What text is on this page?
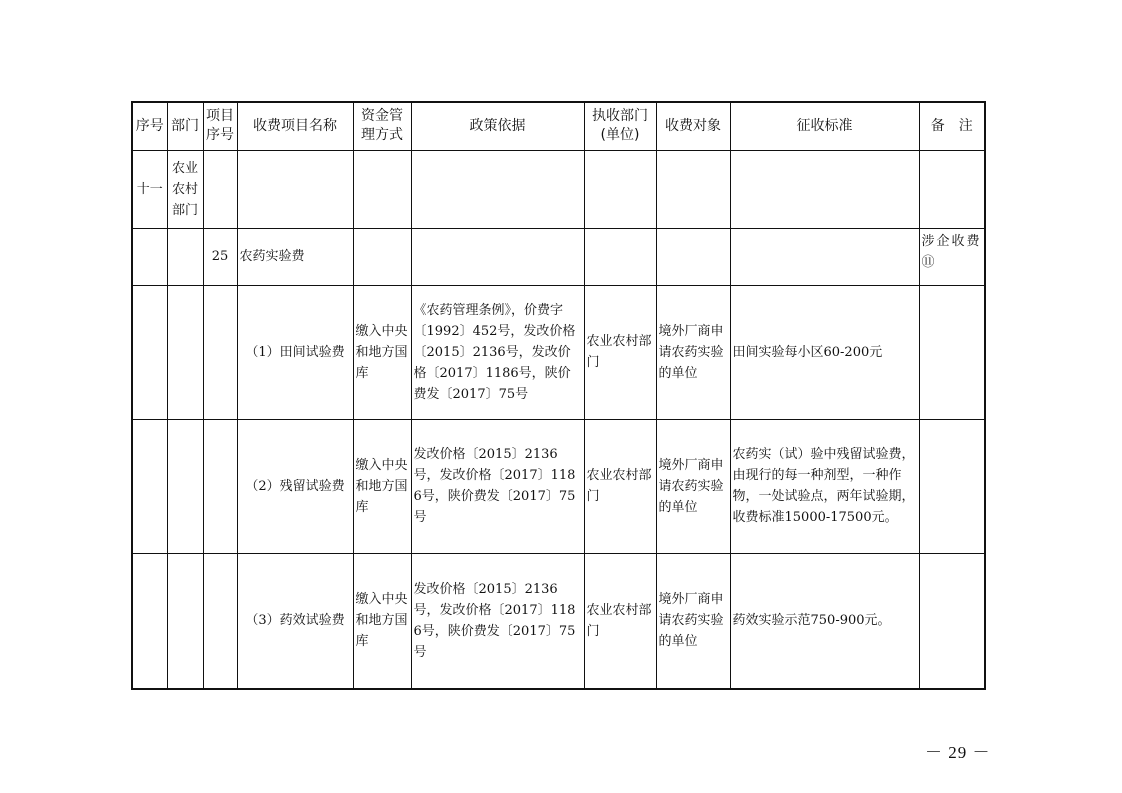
序号	部门	项目序号	收费项目名称	资金管理方式	政策依据	执收部门(单位)	收费对象	征收标准	备　注
十一	农业农村部门								
		25	农药实验费						涉企收费⑪
			（1）田间试验费	缴入中央和地方国库	《农药管理条例》，价费字〔1992〕452号，发改价格〔2015〕2136号，发改价格〔2017〕1186号，陕价费发〔2017〕75号	农业农村部门	境外厂商申请农药实验的单位	田间实验每小区60-200元	
			（2）残留试验费	缴入中央和地方国库	发改价格〔2015〕2136号，发改价格〔2017〕1186号，陕价费发〔2017〕75号	农业农村部门	境外厂商申请农药实验的单位	农药实（试）验中残留试验费，由现行的每一种剂型，一种作物，一处试验点，两年试验期，收费标准15000-17500元。	
			（3）药效试验费	缴入中央和地方国库	发改价格〔2015〕2136号，发改价格〔2017〕1186号，陕价费发〔2017〕75号	农业农村部门	境外厂商申请农药实验的单位	药效实验示范750-900元。	
－ 29 －
